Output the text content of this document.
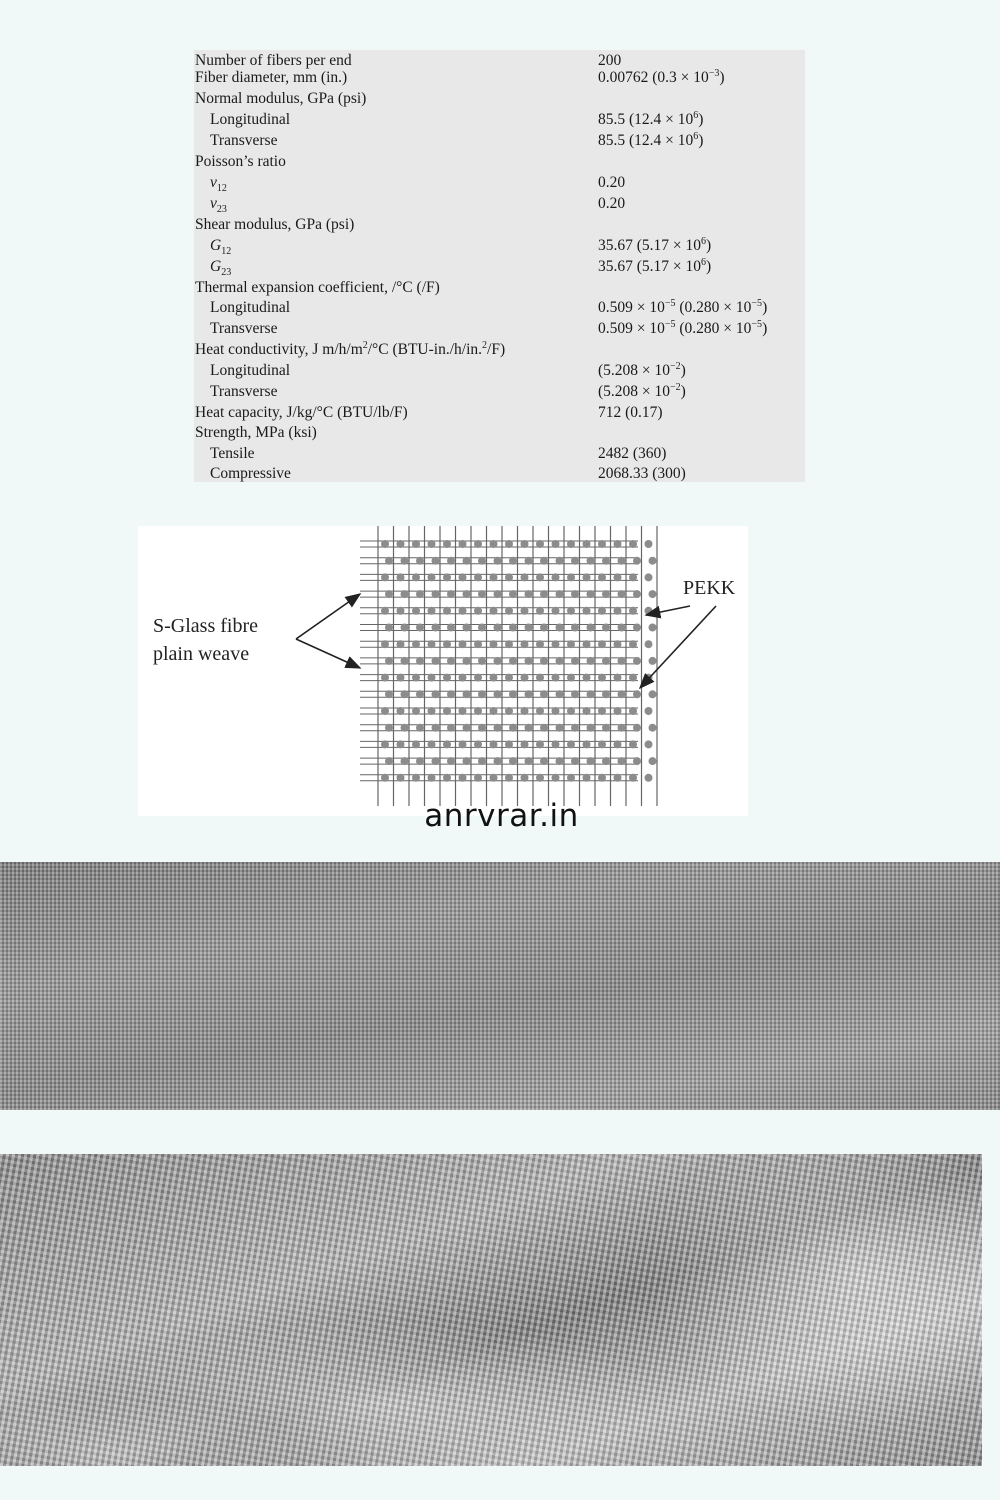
Number of fibers per end	200
Fiber diameter, mm (in.)	0.00762 $(0.3 \times 10^{-3})$
Normal modulus, GPa (psi)
Longitudinal	85.5 $(12.4 \times 10^6)$
Transverse	85.5 $(12.4 \times 10^6)$
Poisson’s ratio
$\nu_{12}$	0.20
$\nu_{23}$	0.20
Shear modulus, GPa (psi)
$G_{12}$	35.67 $(5.17 \times 10^6)$
$G_{23}$	35.67 $(5.17 \times 10^6)$
Thermal expansion coefficient, /°C (/F)
Longitudinal	$0.509 \times 10^{-5}$ $(0.280 \times 10^{-5})$
Transverse	$0.509 \times 10^{-5}$ $(0.280 \times 10^{-5})$
Heat conductivity, J $m/h/m^2/^\circ C$ (BTU-in./h/in.$^2$/F)
Longitudinal	$(5.208 \times 10^{-2})$
Transverse	$(5.208 \times 10^{-2})$
Heat capacity, J/kg/°C (BTU/lb/F)	712 (0.17)
Strength, MPa (ksi)
Tensile	2482 (360)
Compressive	2068.33 (300)
S-Glass fibre
plain weave
PEKK
anrvrar.in
